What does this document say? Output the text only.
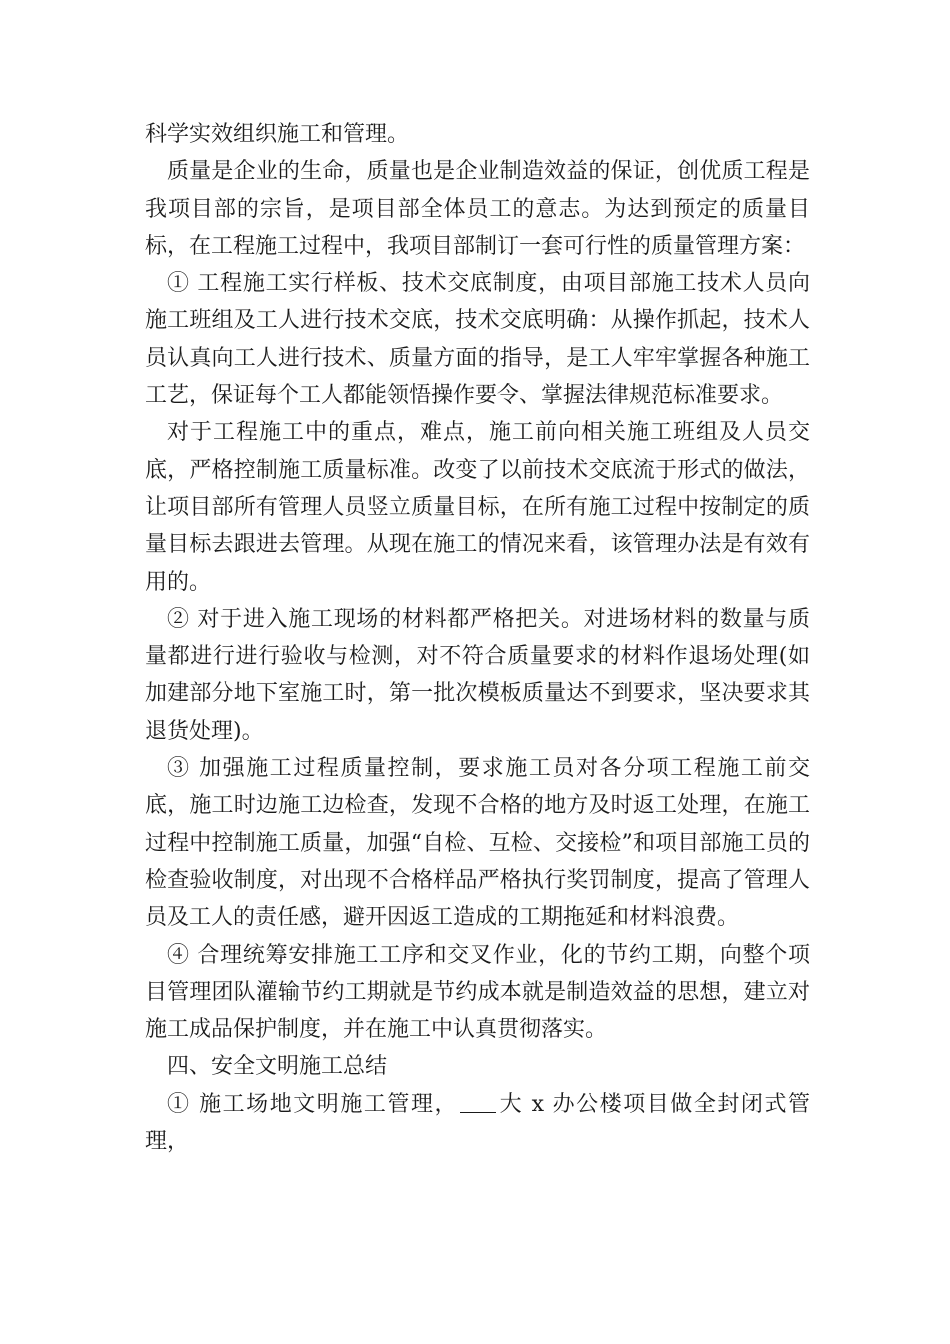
科学实效组织施工和管理。

质量是企业的生命，质量也是企业制造效益的保证，创优质工程是我项目部的宗旨，是项目部全体员工的意志。为达到预定的质量目标，在工程施工过程中，我项目部制订一套可行性的质量管理方案：

① 工程施工实行样板、技术交底制度，由项目部施工技术人员向施工班组及工人进行技术交底，技术交底明确：从操作抓起，技术人员认真向工人进行技术、质量方面的指导，是工人牢牢掌握各种施工工艺，保证每个工人都能领悟操作要令、掌握法律规范标准要求。

对于工程施工中的重点，难点，施工前向相关施工班组及人员交底，严格控制施工质量标准。改变了以前技术交底流于形式的做法，让项目部所有管理人员竖立质量目标，在所有施工过程中按制定的质量目标去跟进去管理。从现在施工的情况来看，该管理办法是有效有用的。

② 对于进入施工现场的材料都严格把关。对进场材料的数量与质量都进行进行验收与检测，对不符合质量要求的材料作退场处理(如加建部分地下室施工时，第一批次模板质量达不到要求，坚决要求其退货处理)。

③ 加强施工过程质量控制，要求施工员对各分项工程施工前交底，施工时边施工边检查，发现不合格的地方及时返工处理，在施工过程中控制施工质量，加强“自检、互检、交接检”和项目部施工员的检查验收制度，对出现不合格样品严格执行奖罚制度，提高了管理人员及工人的责任感，避开因返工造成的工期拖延和材料浪费。

④ 合理统筹安排施工工序和交叉作业，化的节约工期，向整个项目管理团队灌输节约工期就是节约成本就是制造效益的思想，建立对施工成品保护制度，并在施工中认真贯彻落实。

四、安全文明施工总结

① 施工场地文明施工管理， 大 x 办公楼项目做全封闭式管理，
